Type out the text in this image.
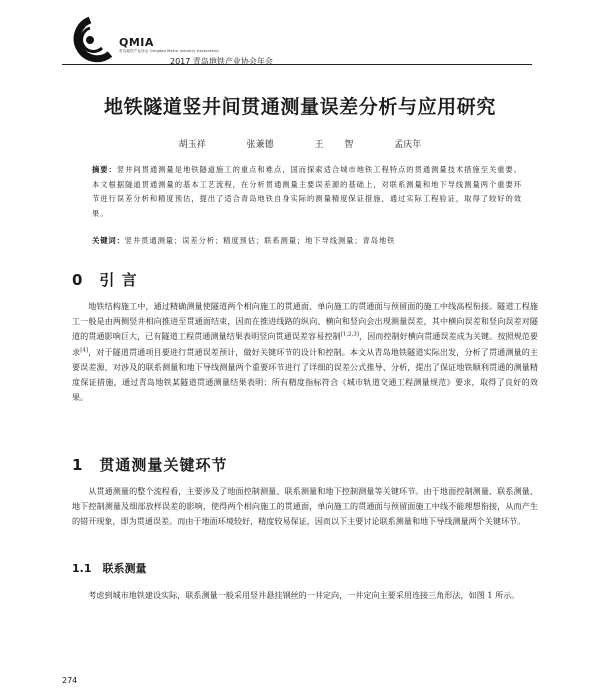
QMIA
青岛地铁产业协会 Qingdao Metro Industry Association
2017 青岛地铁产业协会年会
地铁隧道竖井间贯通测量误差分析与应用研究
胡玉祥	张兼德	王 智	孟庆年
摘要：竖井间贯通测量是地铁隧道施工的重点和难点，国而探索适合城市地铁工程特点的贯通测量技术措施至关重要。本文根据隧道贯通测量的基本工艺流程，在分析贯通测量主要误差源的基础上，对联系测量和地下导线测量两个重要环节进行误差分析和精度预估，提出了适合青岛地铁自身实际的测量精度保证措施，通过实际工程验证，取得了较好的效果。
关键词：竖井贯通测量；误差分析；精度预估；联系测量；地下导线测量；青岛地铁
0　引 言

地铁结构施工中，通过精确测量使隧道两个相向施工的贯通面、单向施工的贯通面与预留面的施工中线高程衔接。隧道工程施工一般是由两侧竖井相向推进至贯通面结束，因而在推进线路的纵向、横向和竖向会出现测量误差，其中横向误差和竖向误差对隧道的贯通影响巨大，已有隧道工程贯通测量结果表明竖向贯通误差容易控制[1,2,3]，因而控制好横向贯通误差成为关键。按照规范要求[4]，对于隧道贯通项目要进行贯通误差预计，做好关键环节的设计和控制。本文从青岛地铁隧道实际出发，分析了贯通测量的主要误差源，对涉及的联系测量和地下导线测量两个重要环节进行了详细的误差公式推导、分析，提出了保证地铁顺利贯通的测量精度保证措施，通过青岛地铁某隧道贯通测量结果表明：所有精度指标符合《城市轨道交通工程测量规范》要求，取得了良好的效果。

1　贯通测量关键环节

从贯通测量的整个流程看，主要涉及了地面控制测量、联系测量和地下控制测量等关键环节。由于地面控制测量、联系测量、地下控制测量及细部放样误差的影响，使得两个相向施工的贯通面，单向施工的贯通面与预留面施工中线不能理想衔接，从而产生的错开现象，即为贯通误差。而由于地面环境较好，精度较易保证，因而以下主要讨论联系测量和地下导线测量两个关键环节。

1.1　联系测量

考虑到城市地铁建设实际，联系测量一般采用竖井悬挂钢丝的一井定向，一井定向主要采用连接三角形法，如图 1 所示。

274
